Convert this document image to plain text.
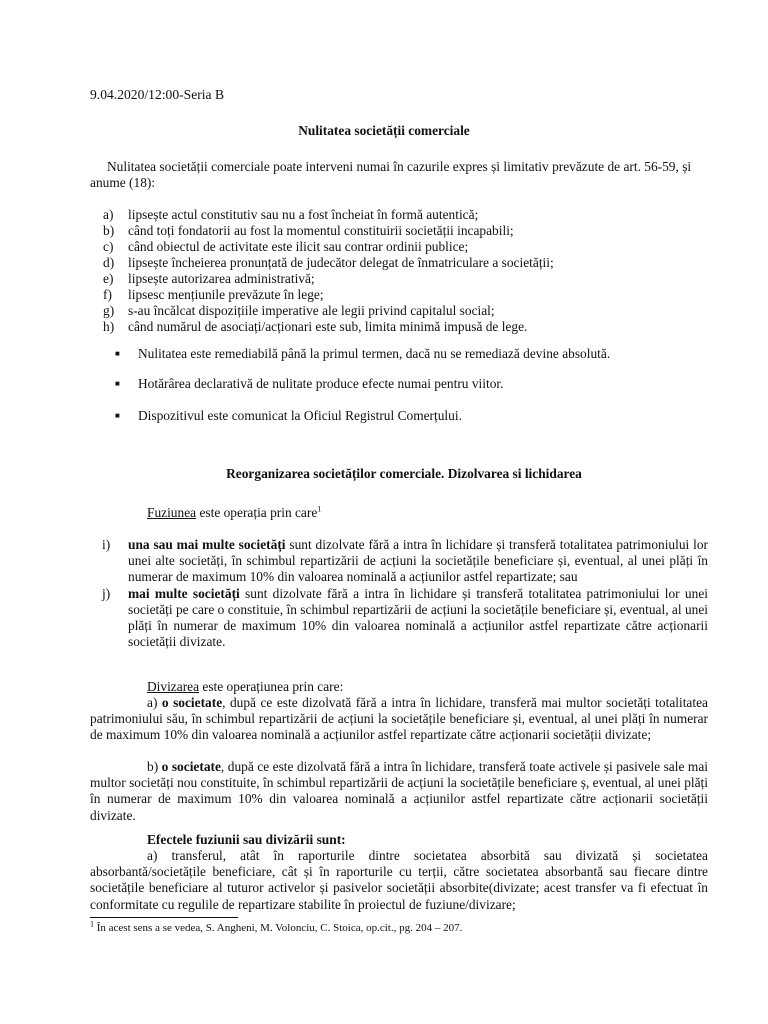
9.04.2020/12:00-Seria B
Nulitatea societății comerciale
Nulitatea societății comerciale poate interveni numai în cazurile expres și limitativ prevăzute de art. 56-59, și anume (18):
a)	lipsește actul constitutiv sau nu a fost încheiat în formă autentică;
b)	când toți fondatorii au fost la momentul constituirii societății incapabili;
c)	când obiectul de activitate este ilicit sau contrar ordinii publice;
d)	lipsește încheierea pronunțată de judecător delegat de înmatriculare a societății;
e)	lipsește autorizarea administrativă;
f)	lipsesc mențiunile prevăzute în lege;
g)	s-au încălcat dispozițiile imperative ale legii privind capitalul social;
h)	când numărul de asociați/acționari este sub, limita minimă impusă de lege.
■	Nulitatea este remediabilă până la primul termen, dacă nu se remediază devine absolută.
■	Hotărârea declarativă de nulitate produce efecte numai pentru viitor.
■	Dispozitivul este comunicat la Oficiul Registrul Comerțului.
Reorganizarea societăților comerciale. Dizolvarea si lichidarea
Fuziunea este operația prin care$^1$
i)	una sau mai multe societăți sunt dizolvate fără a intra în lichidare și transferă totalitatea patrimoniului lor unei alte societăți, în schimbul repartizării de acțiuni la societățile beneficiare și, eventual, al unei plăți în numerar de maximum 10% din valoarea nominală a acțiunilor astfel repartizate; sau
j)	mai multe societăți sunt dizolvate fără a intra în lichidare și transferă totalitatea patrimoniului lor unei societăți pe care o constituie, în schimbul repartizării de acțiuni la societățile beneficiare și, eventual, al unei plăți în numerar de maximum 10% din valoarea nominală a acțiunilor astfel repartizate către acționarii societății divizate.
Divizarea este operațiunea prin care:
a) o societate, după ce este dizolvată fără a intra în lichidare, transferă mai multor societăți totalitatea patrimoniului său, în schimbul repartizării de acțiuni la societățile beneficiare și, eventual, al unei plăți în numerar de maximum 10% din valoarea nominală a acțiunilor astfel repartizate către acționarii societății divizate;
b) o societate, după ce este dizolvată fără a intra în lichidare, transferă toate activele și pasivele sale mai multor societăți nou constituite, în schimbul repartizării de acțiuni la societățile beneficiare ș, eventual, al unei plăți în numerar de maximum 10% din valoarea nominală a acțiunilor astfel repartizate către acționarii societății divizate.
Efectele fuziunii sau divizării sunt:
a) transferul, atât în raporturile dintre societatea absorbită sau divizată și societatea absorbantă/societățile beneficiare, cât și în raporturile cu terții, către societatea absorbantă sau fiecare dintre societățile beneficiare al tuturor activelor și pasivelor societății absorbite(divizate; acest transfer va fi efectuat în conformitate cu regulile de repartizare stabilite în proiectul de fuziune/divizare;
$^1$ În acest sens a se vedea, S. Angheni, M. Volonciu, C. Stoica, op.cit., pg. 204 – 207.
